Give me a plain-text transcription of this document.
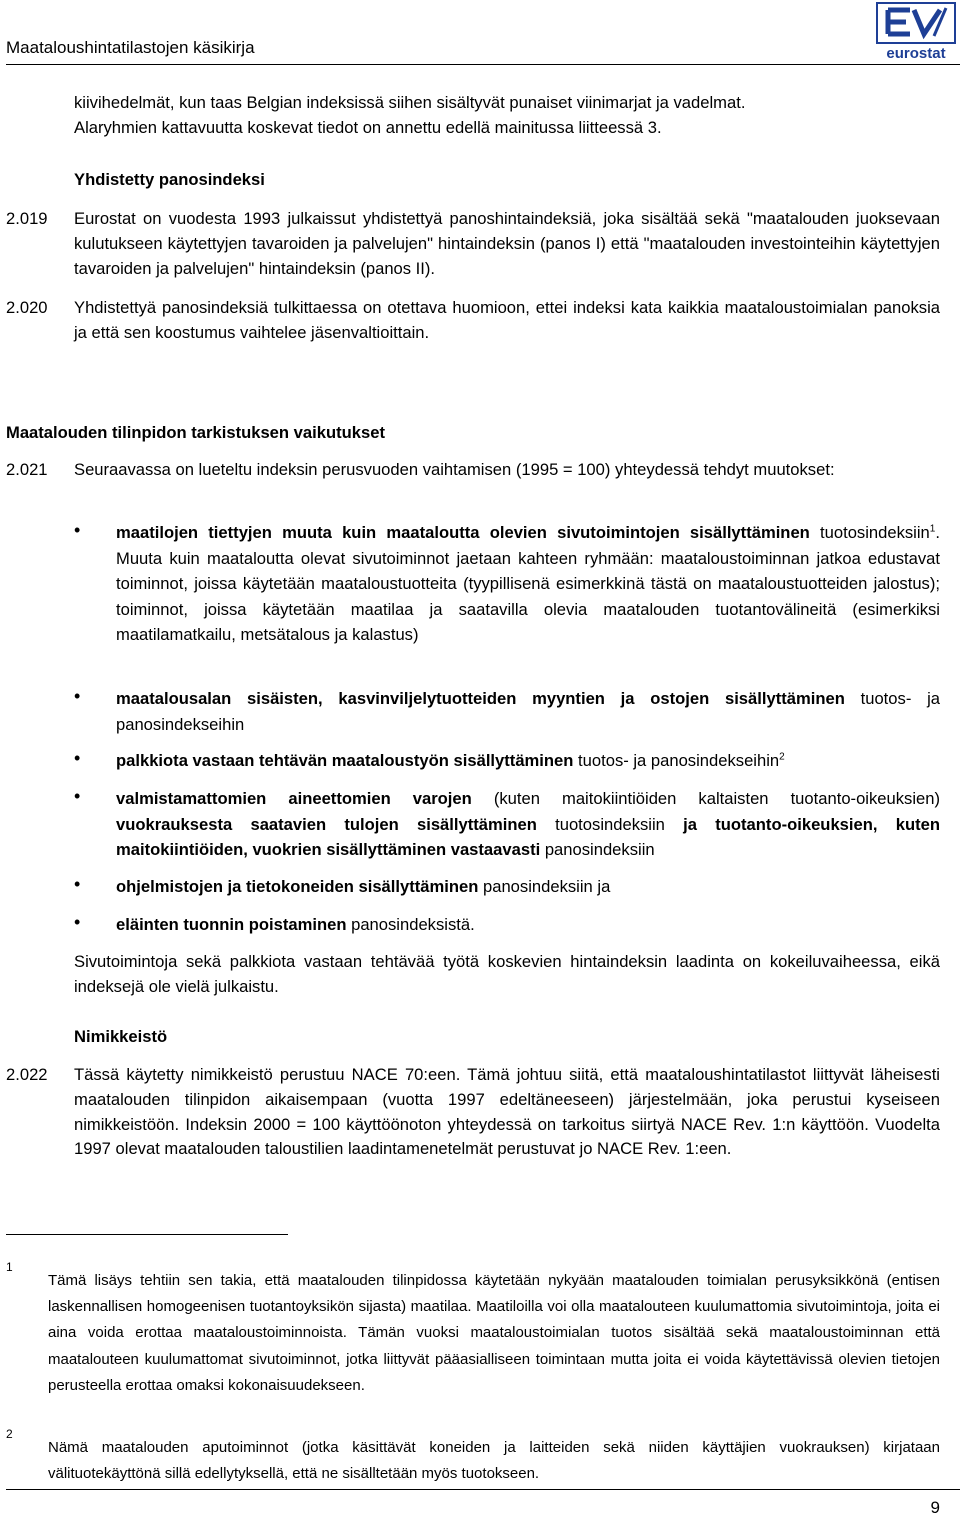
Maataloushintatilastojen käsikirja	eurostat
kiivihedelmät, kun taas Belgian indeksissä siihen sisältyvät punaiset viinimarjat ja vadelmat.
Alaryhmien kattavuutta koskevat tiedot on annettu edellä mainitussa liitteessä 3.
Yhdistetty panosindeksi
2.019 Eurostat on vuodesta 1993 julkaissut yhdistettyä panoshintaindeksiä, joka sisältää sekä "maatalouden juoksevaan kulutukseen käytettyjen tavaroiden ja palvelujen" hintaindeksin (panos I) että "maatalouden investointeihin käytettyjen tavaroiden ja palvelujen" hintaindeksin (panos II).
2.020 Yhdistettyä panosindeksiä tulkittaessa on otettava huomioon, ettei indeksi kata kaikkia maataloustoimialan panoksia ja että sen koostumus vaihtelee jäsenvaltioittain.
Maatalouden tilinpidon tarkistuksen vaikutukset
2.021 Seuraavassa on lueteltu indeksin perusvuoden vaihtamisen (1995 = 100) yhteydessä tehdyt muutokset:
• maatilojen tiettyjen muuta kuin maataloutta olevien sivutoimintojen sisällyttäminen tuotosindeksiin$^1$. Muuta kuin maataloutta olevat sivutoiminnot jaetaan kahteen ryhmään: maataloustoiminnan jatkoa edustavat toiminnot, joissa käytetään maataloustuotteita (tyypillisenä esimerkkinä tästä on maataloustuotteiden jalostus); toiminnot, joissa käytetään maatilaa ja saatavilla olevia maatalouden tuotantovälineitä (esimerkiksi maatilamatkailu, metsätalous ja kalastus)
• maatalousalan sisäisten, kasvinviljelytuotteiden myyntien ja ostojen sisällyttäminen tuotos- ja panosindekseihin
• palkkiota vastaan tehtävän maataloustyön sisällyttäminen tuotos- ja panosindekseihin$^2$
• valmistamattomien aineettomien varojen (kuten maitokiintiöiden kaltaisten tuotanto-oikeuksien) vuokrauksesta saatavien tulojen sisällyttäminen tuotosindeksiin ja tuotanto-oikeuksien, kuten maitokiintiöiden, vuokrien sisällyttäminen vastaavasti panosindeksiin
• ohjelmistojen ja tietokoneiden sisällyttäminen panosindeksiin ja
• eläinten tuonnin poistaminen panosindeksistä.
Sivutoimintoja sekä palkkiota vastaan tehtävää työtä koskevien hintaindeksin laadinta on kokeiluvaiheessa, eikä indeksejä ole vielä julkaistu.
Nimikkeistö
2.022 Tässä käytetty nimikkeistö perustuu NACE 70:een. Tämä johtuu siitä, että maataloushintatilastot liittyvät läheisesti maatalouden tilinpidon aikaisempaan (vuotta 1997 edeltäneeseen) järjestelmään, joka perustui kyseiseen nimikkeistöön. Indeksin 2000 = 100 käyttöönoton yhteydessä on tarkoitus siirtyä NACE Rev. 1:n käyttöön. Vuodelta 1997 olevat maatalouden taloustilien laadintamenetelmät perustuvat jo NACE Rev. 1:een.
1
Tämä lisäys tehtiin sen takia, että maatalouden tilinpidossa käytetään nykyään maatalouden toimialan perusyksikkönä (entisen laskennallisen homogeenisen tuotantoyksikön sijasta) maatilaa. Maatiloilla voi olla maatalouteen kuulumattomia sivutoimintoja, joita ei aina voida erottaa maataloustoiminnoista. Tämän vuoksi maataloustoimialan tuotos sisältää sekä maataloustoiminnan että maatalouteen kuulumattomat sivutoiminnot, jotka liittyvät pääasialliseen toimintaan mutta joita ei voida käytettävissä olevien tietojen perusteella erottaa omaksi kokonaisuudekseen.
2
Nämä maatalouden aputoiminnot (jotka käsittävät koneiden ja laitteiden sekä niiden käyttäjien vuokrauksen) kirjataan välituotekäyttönä sillä edellytyksellä, että ne sisälltetään myös tuotokseen.
9
